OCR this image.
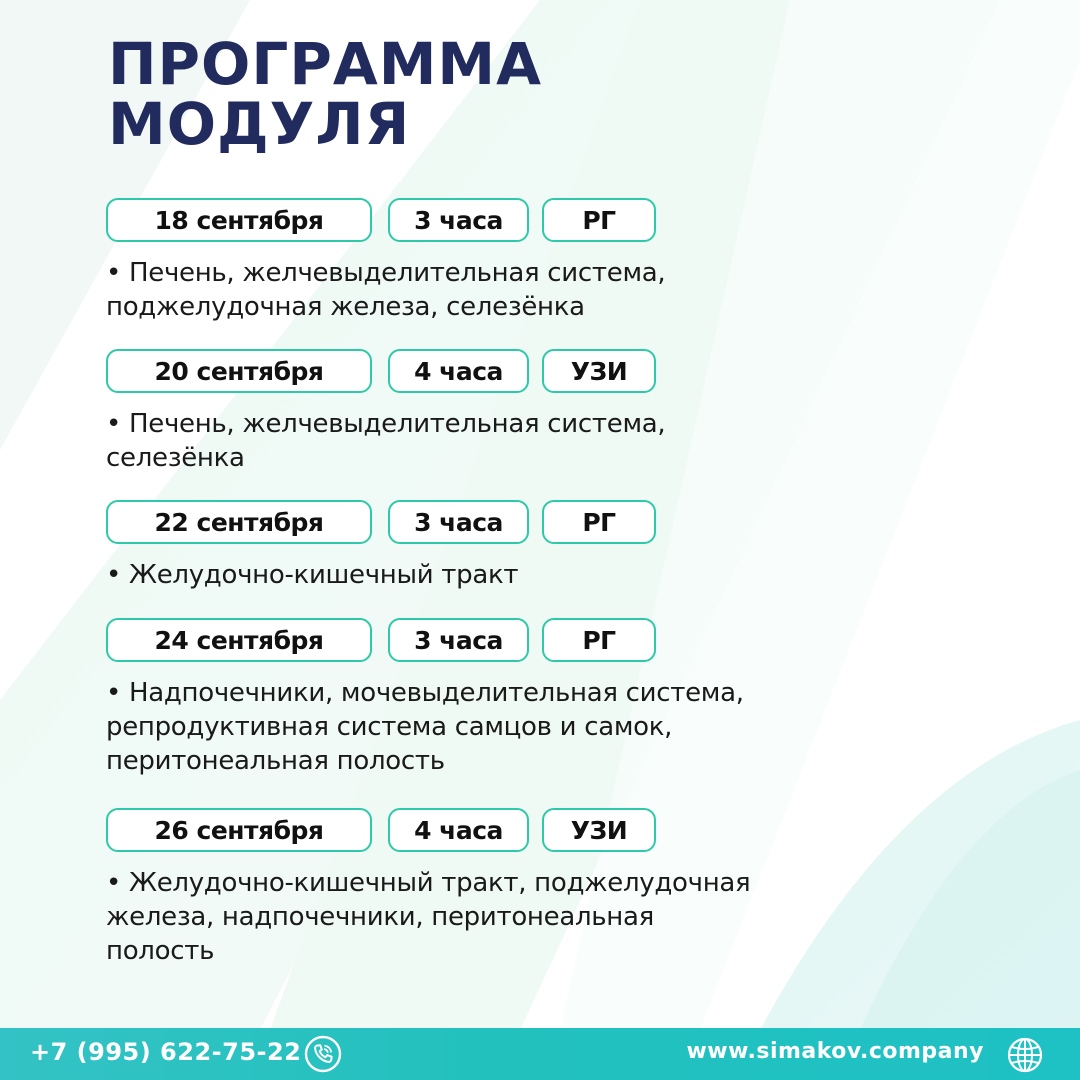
ПРОГРАММА
МОДУЛЯ
18 сентября	3 часа	РГ
• Печень, желчевыделительная система,
поджелудочная железа, селезёнка
20 сентября	4 часа	УЗИ
• Печень, желчевыделительная система,
селезёнка
22 сентября	3 часа	РГ
• Желудочно-кишечный тракт
24 сентября	3 часа	РГ
• Надпочечники, мочевыделительная система,
репродуктивная система самцов и самок,
перитонеальная полость
26 сентября	4 часа	УЗИ
• Желудочно-кишечный тракт, поджелудочная
железа, надпочечники, перитонеальная
полость
+7 (995) 622-75-22	www.simakov.company
